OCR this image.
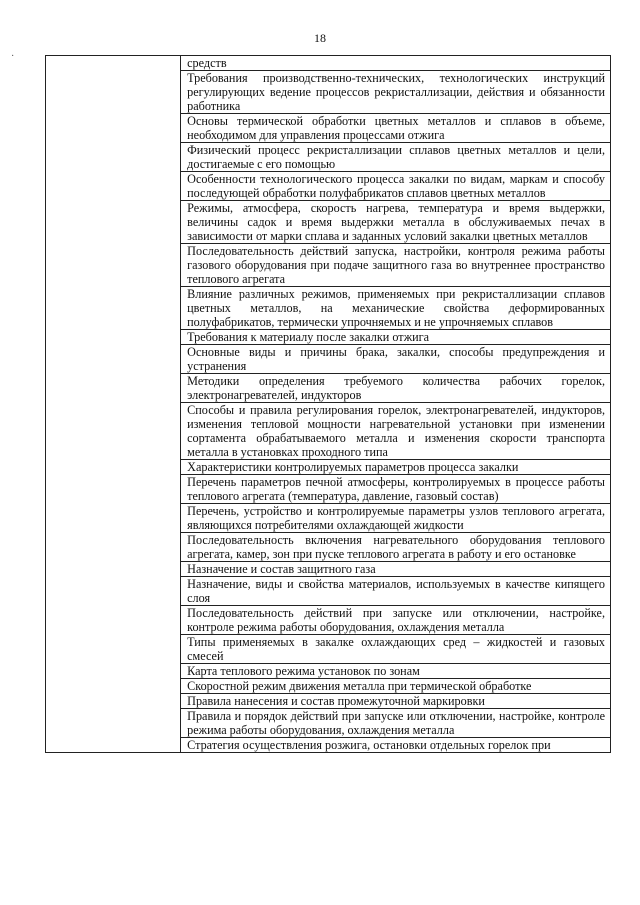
18
·
		средств
Требования производственно-технических, технологических инструкций регулирующих ведение процессов рекристаллизации, действия и обязанности работника
Основы термической обработки цветных металлов и сплавов в объеме, необходимом для управления процессами отжига
Физический процесс рекристаллизации сплавов цветных металлов и цели, достигаемые с его помощью
Особенности технологического процесса закалки по видам, маркам и способу последующей обработки полуфабрикатов сплавов цветных металлов
Режимы, атмосфера, скорость нагрева, температура и время выдержки, величины садок и время выдержки металла в обслуживаемых печах в зависимости от марки сплава и заданных условий закалки цветных металлов
Последовательность действий запуска, настройки, контроля режима работы газового оборудования при подаче защитного газа во внутреннее пространство теплового агрегата
Влияние различных режимов, применяемых при рекристаллизации сплавов цветных металлов, на механические свойства деформированных полуфабрикатов, термически упрочняемых и не упрочняемых сплавов
Требования к материалу после закалки отжига
Основные виды и причины брака, закалки, способы предупреждения и устранения
Методики определения требуемого количества рабочих горелок, электронагревателей, индукторов
Способы и правила регулирования горелок, электронагревателей, индукторов, изменения тепловой мощности нагревательной установки при изменении сортамента обрабатываемого металла и изменения скорости транспорта металла в установках проходного типа
Характеристики контролируемых параметров процесса закалки
Перечень параметров печной атмосферы, контролируемых в процессе работы теплового агрегата (температура, давление, газовый состав)
Перечень, устройство и контролируемые параметры узлов теплового агрегата, являющихся потребителями охлаждающей жидкости
Последовательность включения нагревательного оборудования теплового агрегата, камер, зон при пуске теплового агрегата в работу и его остановке
Назначение и состав защитного газа
Назначение, виды и свойства материалов, используемых в качестве кипящего слоя
Последовательность действий при запуске или отключении, настройке, контроле режима работы оборудования, охлаждения металла
Типы применяемых в закалке охлаждающих сред – жидкостей и газовых смесей
Карта теплового режима установок по зонам
Скоростной режим движения металла при термической обработке
Правила нанесения и состав промежуточной маркировки
Правила и порядок действий при запуске или отключении, настройке, контроле режима работы оборудования, охлаждения металла
Стратегия осуществления розжига, остановки отдельных горелок при
